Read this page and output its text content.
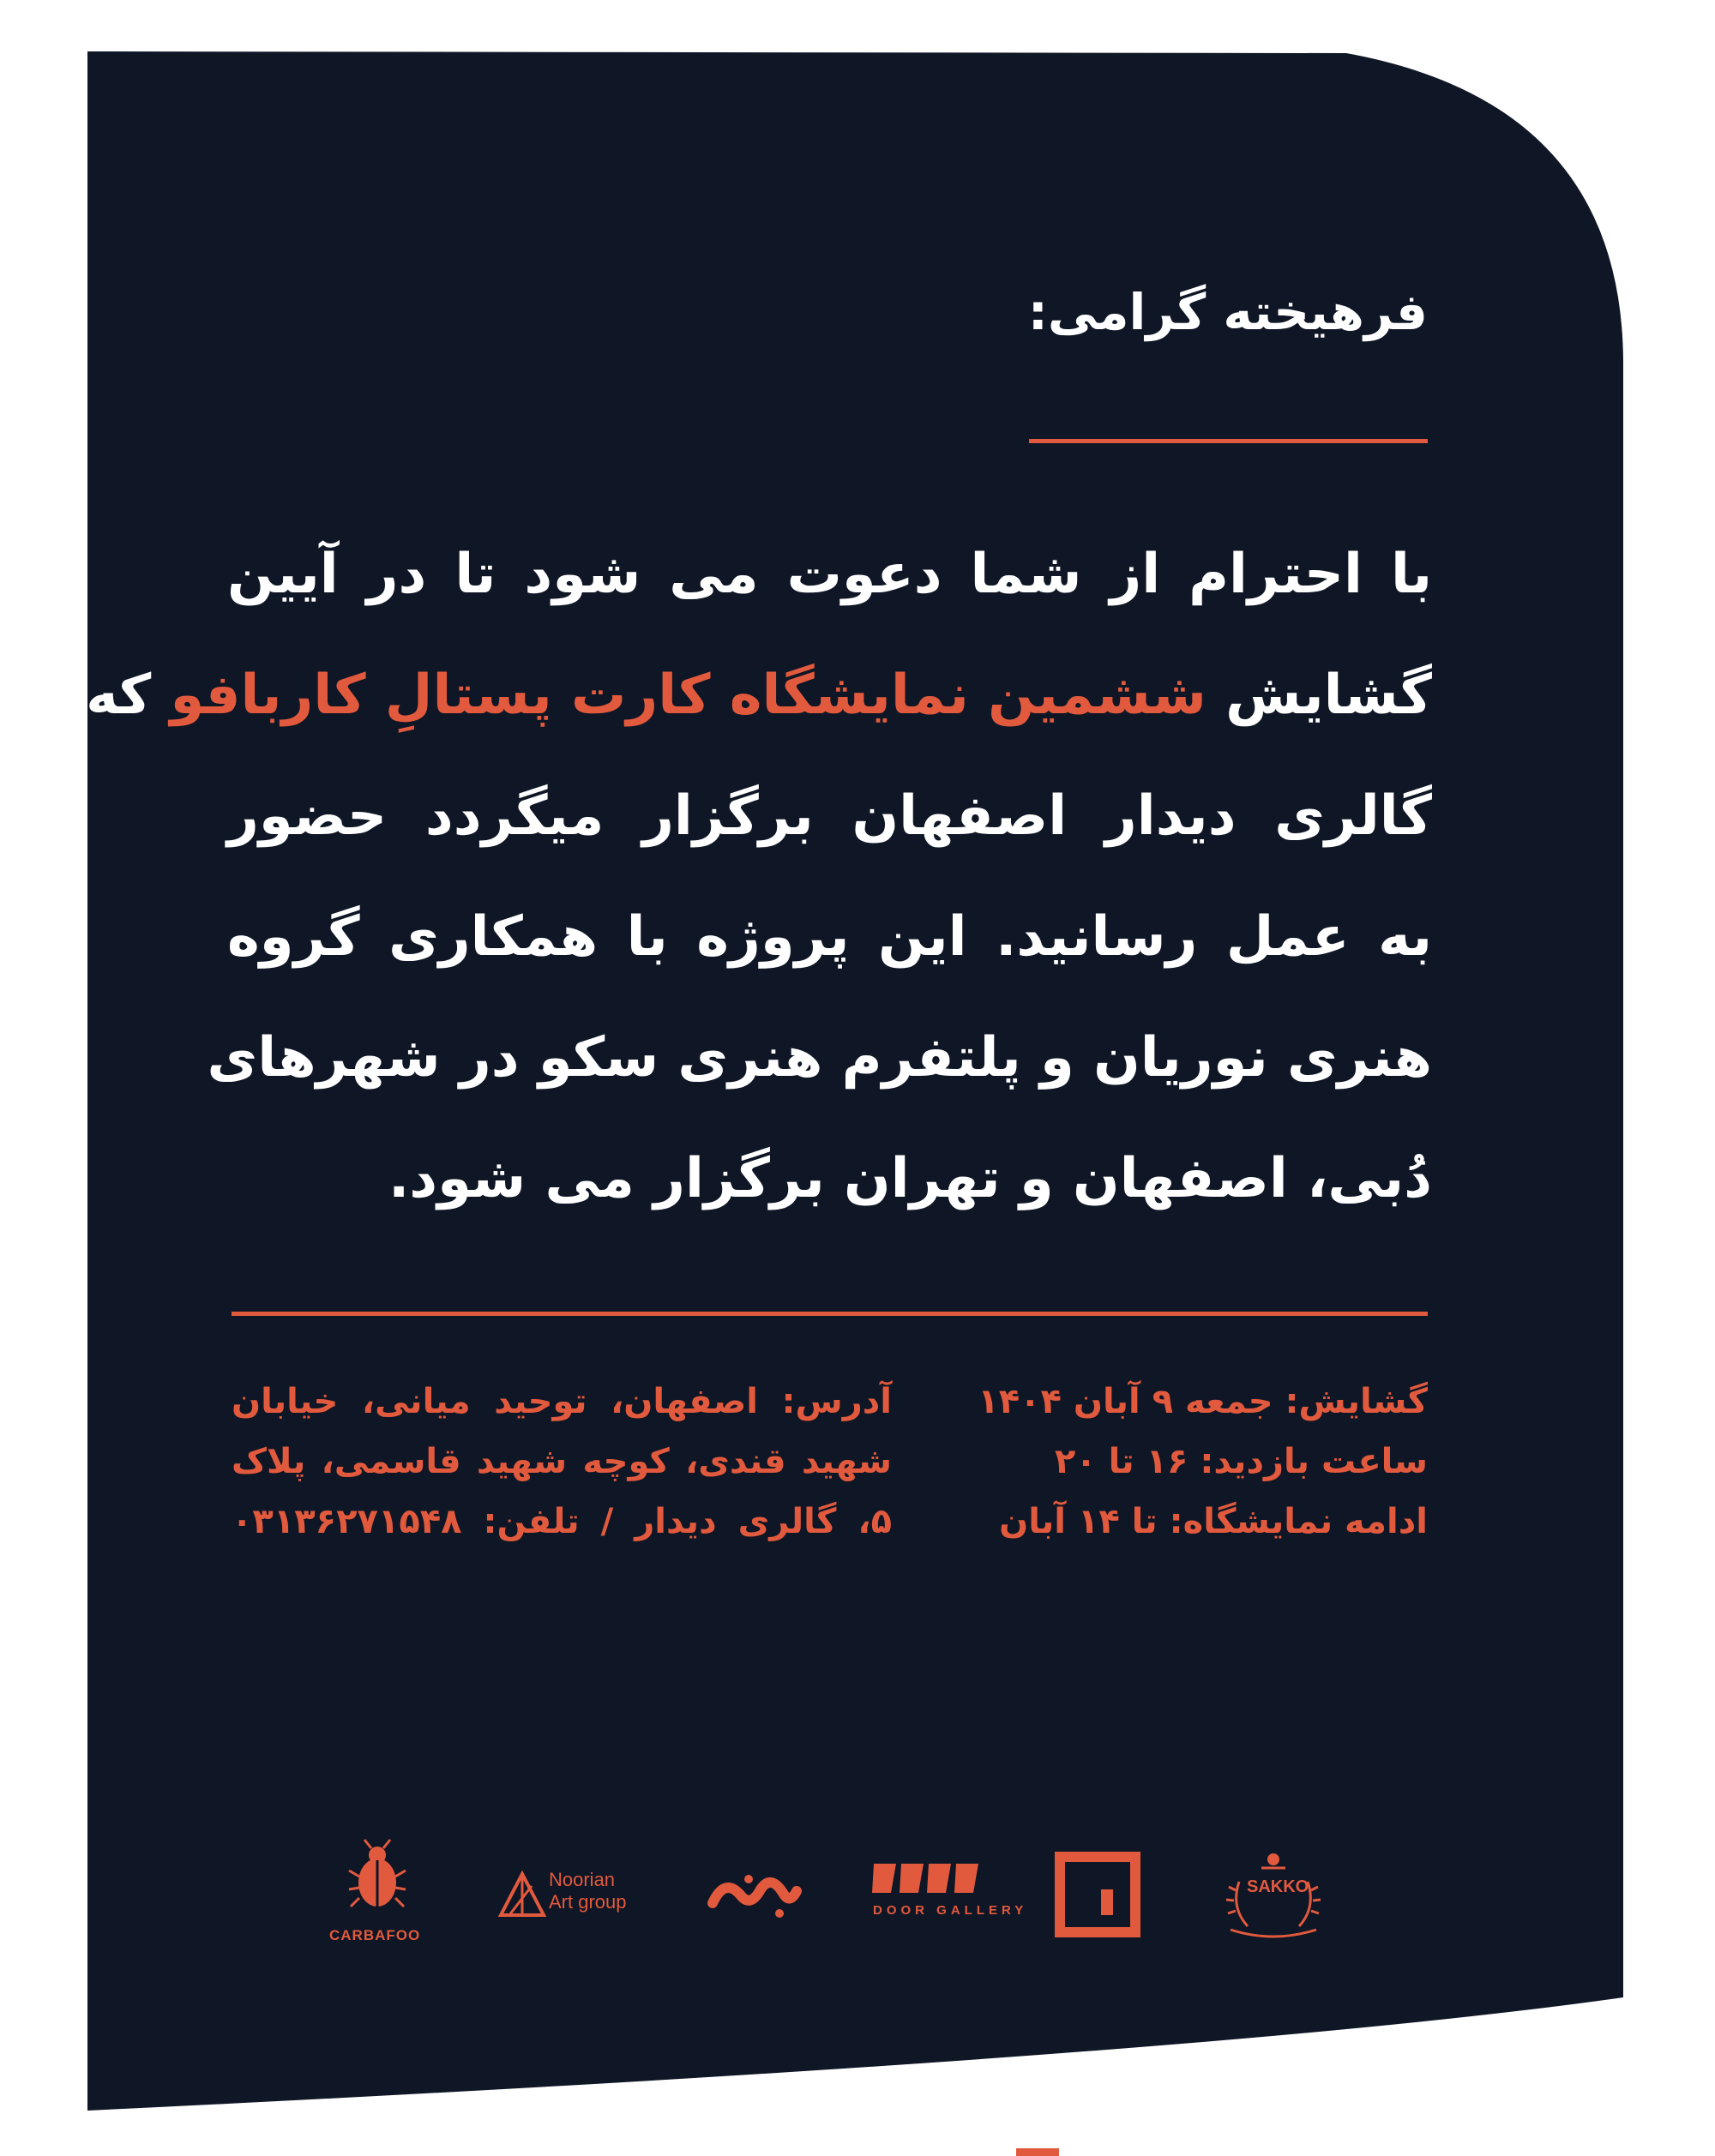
فرهیخته گرامی:
با احترام از شما دعوت می شود تا در آیین
گشایش ششمین نمایشگاه کارت پستالِ کاربافو که در
گالری دیدار اصفهان برگزار میگردد حضور
به عمل رسانید. این پروژه با همکاری گروه
هنری نوریان و پلتفرم هنری سکو در شهرهای
دُبی، اصفهان و تهران برگزار می شود.
گشایش: جمعه ۹ آبان ۱۴۰۴
ساعت بازدید: ۱۶ تا ۲۰
ادامه نمایشگاه: تا ۱۴ آبان
آدرس: اصفهان، توحید میانی، خیابان
شهید قندی، کوچه شهید قاسمی، پلاک
۵، گالری دیدار / تلفن: ۰۳۱۳۶۲۷۱۵۴۸
CARBAFOO
Noorian Art group	DOOR GALLERY
SAKKO
